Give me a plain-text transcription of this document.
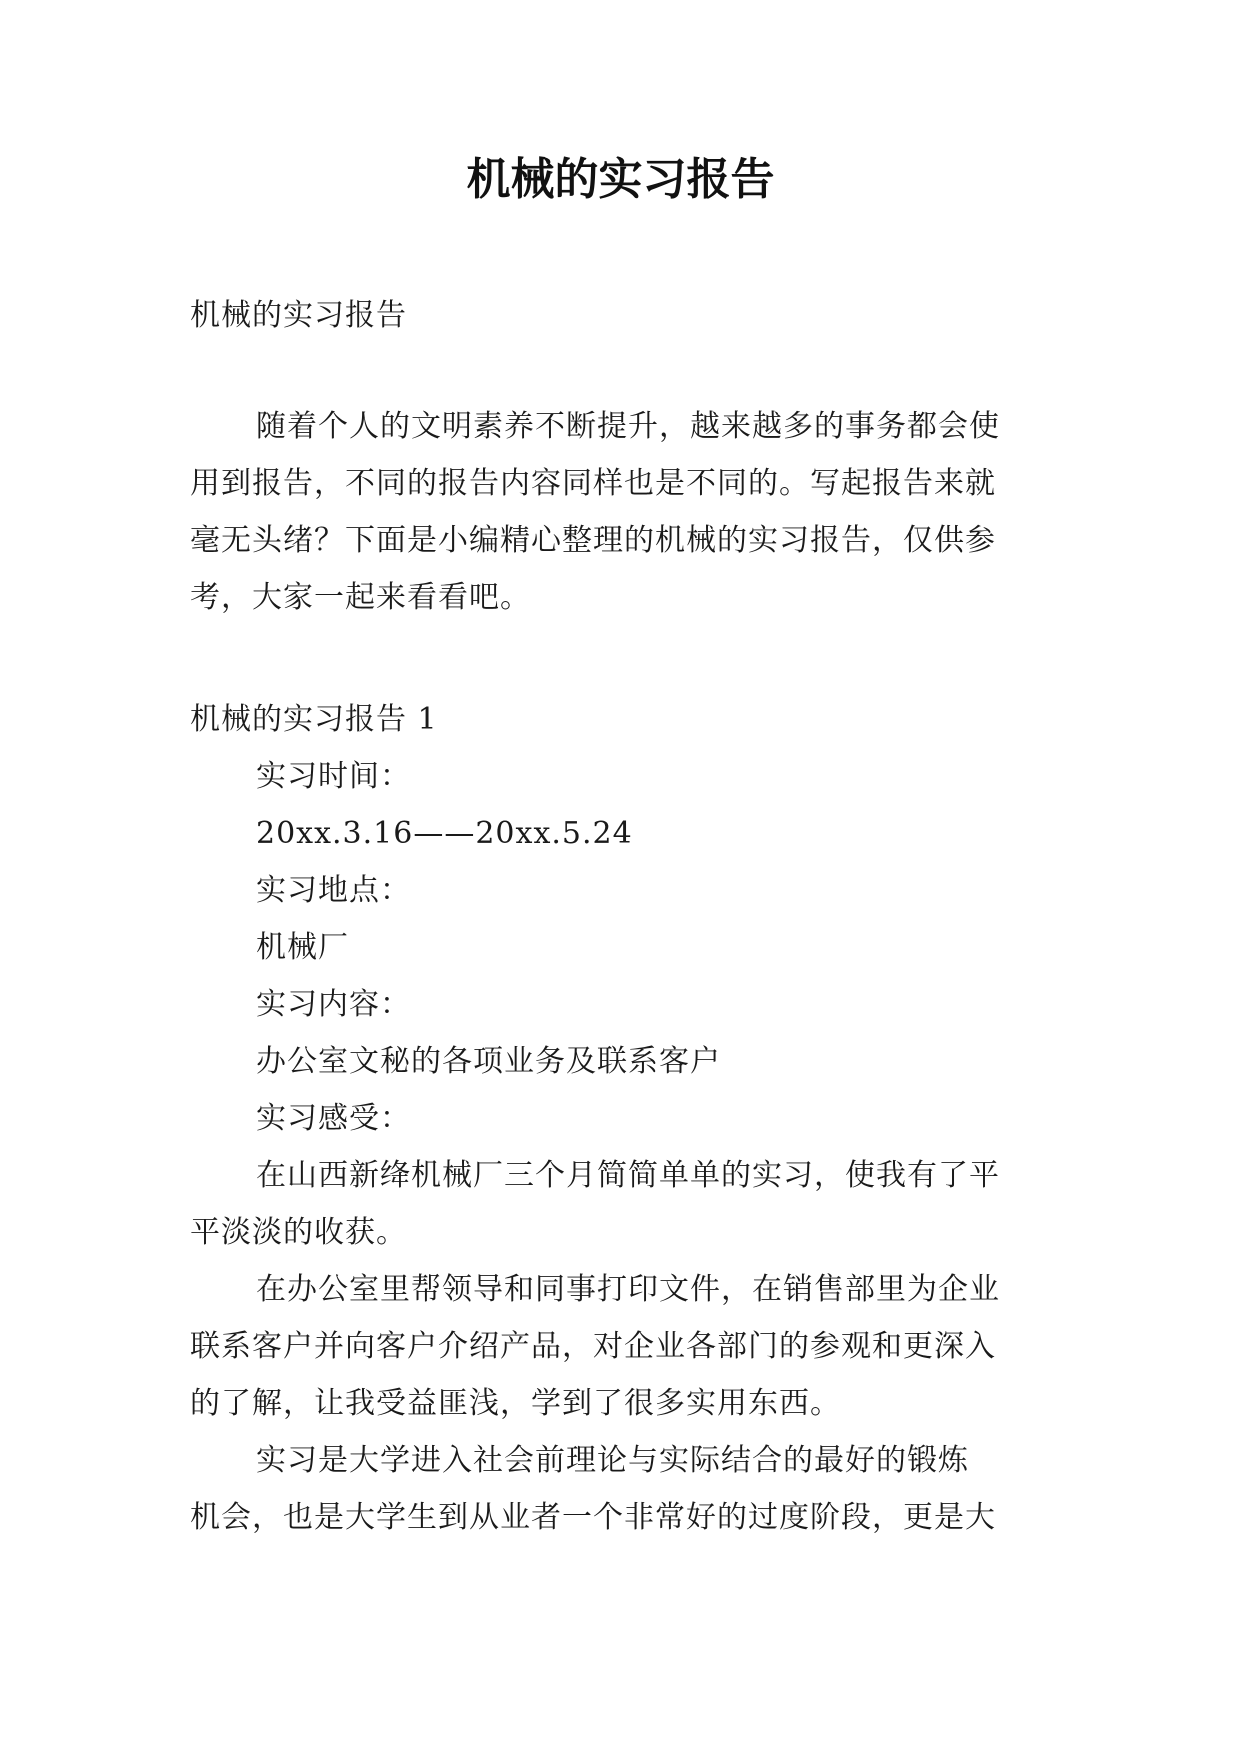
机械的实习报告
机械的实习报告
随着个人的文明素养不断提升，越来越多的事务都会使
用到报告，不同的报告内容同样也是不同的。写起报告来就
毫无头绪？下面是小编精心整理的机械的实习报告，仅供参
考，大家一起来看看吧。
机械的实习报告 1
实习时间：
20xx.3.16——20xx.5.24
实习地点：
机械厂
实习内容：
办公室文秘的各项业务及联系客户
实习感受：
在山西新绛机械厂三个月简简单单的实习，使我有了平
平淡淡的收获。
在办公室里帮领导和同事打印文件，在销售部里为企业
联系客户并向客户介绍产品，对企业各部门的参观和更深入
的了解，让我受益匪浅，学到了很多实用东西。
实习是大学进入社会前理论与实际结合的最好的锻炼
机会，也是大学生到从业者一个非常好的过度阶段，更是大
